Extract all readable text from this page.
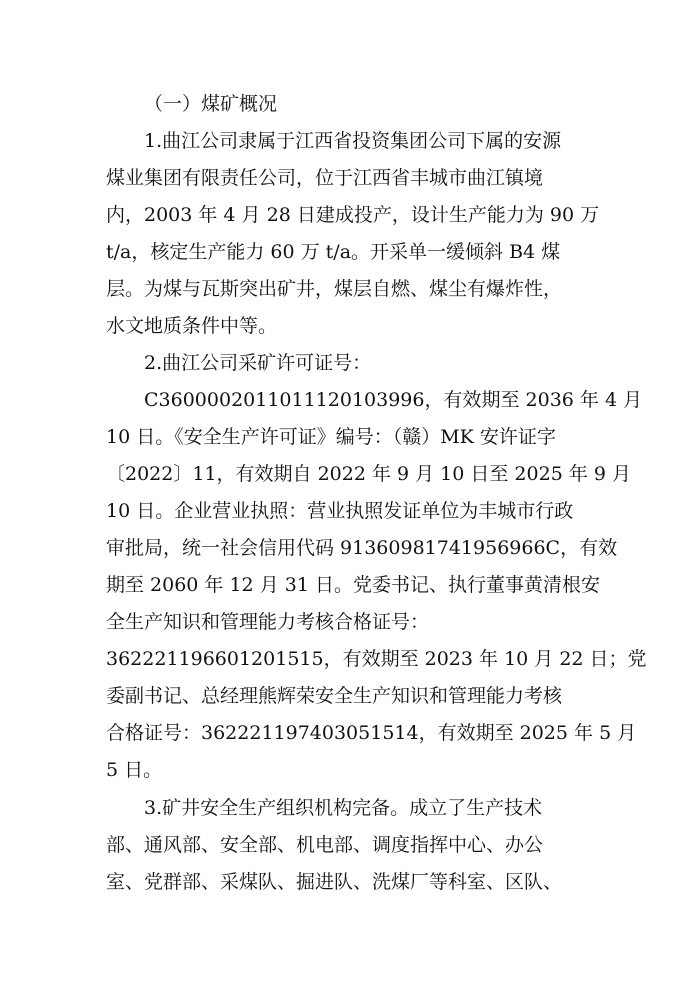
（一）煤矿概况
1.曲江公司隶属于江西省投资集团公司下属的安源
煤业集团有限责任公司，位于江西省丰城市曲江镇境
内，2003 年 4 月 28 日建成投产，设计生产能力为 90 万
t/a，核定生产能力 60 万 t/a。开采单一缓倾斜 B4 煤
层。为煤与瓦斯突出矿井，煤层自燃、煤尘有爆炸性，
水文地质条件中等。
2.曲江公司采矿许可证号：
C3600002011011120103996，有效期至 2036 年 4 月
10 日。《安全生产许可证》编号：（赣）MK 安许证字
〔2022〕11，有效期自 2022 年 9 月 10 日至 2025 年 9 月
10 日。企业营业执照：营业执照发证单位为丰城市行政
审批局，统一社会信用代码 91360981741956966C，有效
期至 2060 年 12 月 31 日。党委书记、执行董事黄清根安
全生产知识和管理能力考核合格证号：
362221196601201515，有效期至 2023 年 10 月 22 日；党
委副书记、总经理熊辉荣安全生产知识和管理能力考核
合格证号：362221197403051514，有效期至 2025 年 5 月
5 日。
3.矿井安全生产组织机构完备。成立了生产技术
部、通风部、安全部、机电部、调度指挥中心、办公
室、党群部、采煤队、掘进队、洗煤厂等科室、区队、
